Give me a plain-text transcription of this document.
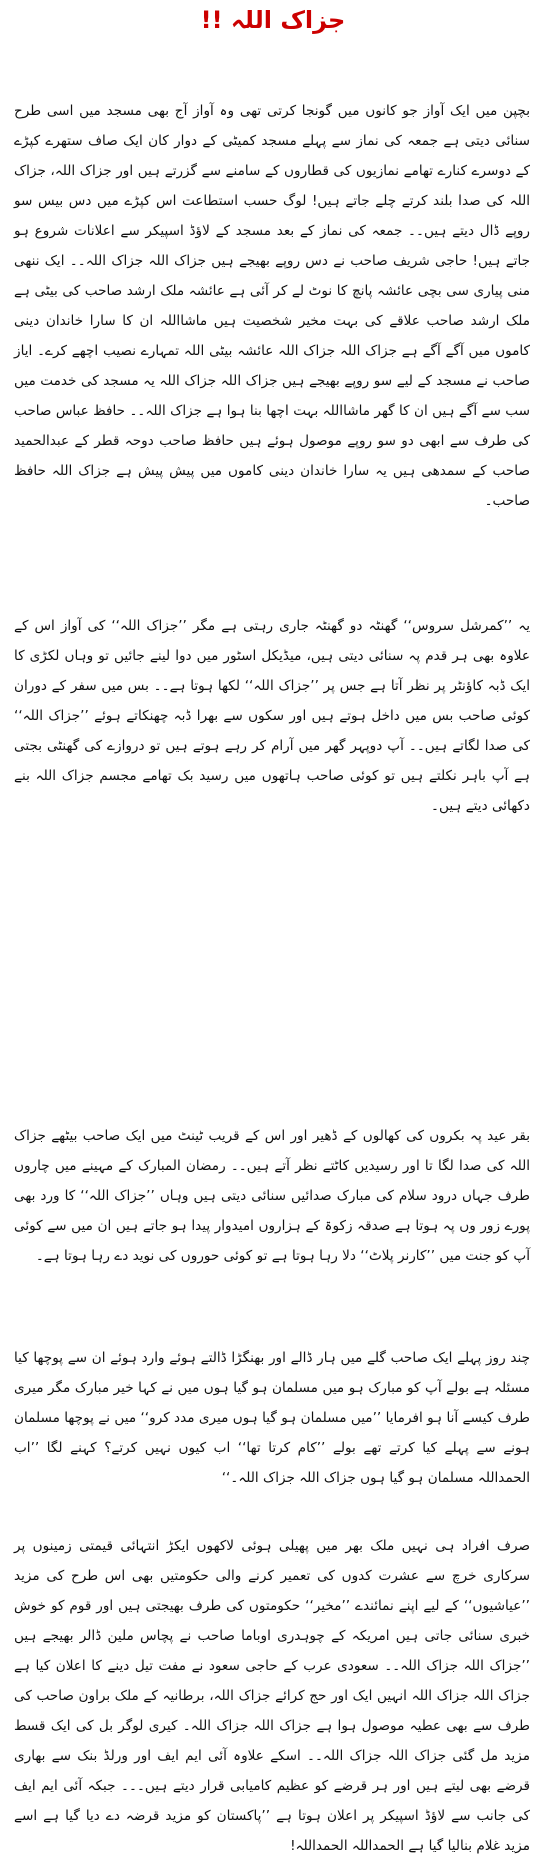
جزاک اللہ !!
بچپن میں ایک آواز جو کانوں میں گونجا کرتی تھی وہ آواز آج بھی مسجد میں اسی طرح سنائی دیتی ہے جمعہ کی نماز سے پہلے مسجد کمیٹی کے دوار کان ایک صاف ستھرے کپڑے کے دوسرے کنارے تھامے نمازیوں کی قطاروں کے سامنے سے گزرتے ہیں اور جزاک اللہ، جزاک اللہ کی صدا بلند کرتے چلے جاتے ہیں! لوگ حسب استطاعت اس کپڑے میں دس بیس سو روپے ڈال دیتے ہیں۔۔ جمعہ کی نماز کے بعد مسجد کے لاؤڈ اسپیکر سے اعلانات شروع ہو جاتے ہیں! حاجی شریف صاحب نے دس روپے بھیجے ہیں جزاک اللہ جزاک اللہ۔۔ ایک ننھی منی پیاری سی بچی عائشہ پانچ کا نوٹ لے کر آئی ہے عائشہ ملک ارشد صاحب کی بیٹی ہے ملک ارشد صاحب علاقے کی بہت مخیر شخصیت ہیں ماشااللہ ان کا سارا خاندان دینی کاموں میں آگے آگے ہے جزاک اللہ جزاک اللہ عائشہ بیٹی اللہ تمہارے نصیب اچھے کرے۔ ایاز صاحب نے مسجد کے لیے سو روپے بھیجے ہیں جزاک اللہ جزاک اللہ یہ مسجد کی خدمت میں سب سے آگے ہیں ان کا گھر ماشااللہ بہت اچھا بنا ہوا ہے جزاک اللہ۔۔ حافظ عباس صاحب کی طرف سے ابھی دو سو روپے موصول ہوئے ہیں حافظ صاحب دوحہ قطر کے عبدالحمید صاحب کے سمدھی ہیں یہ سارا خاندان دینی کاموں میں پیش پیش ہے جزاک اللہ حافظ صاحب۔
یہ ’’کمرشل سروس‘‘ گھنٹہ دو گھنٹہ جاری رہتی ہے مگر ’’جزاک اللہ‘‘ کی آواز اس کے علاوہ بھی ہر قدم پہ سنائی دیتی ہیں، میڈیکل اسٹور میں دوا لینے جائیں تو وہاں لکڑی کا ایک ڈبہ کاؤنٹر پر نظر آتا ہے جس پر ’’جزاک اللہ‘‘ لکھا ہوتا ہے۔۔ بس میں سفر کے دوران کوئی صاحب بس میں داخل ہوتے ہیں اور سکوں سے بھرا ڈبہ چھنکاتے ہوئے ’’جزاک اللہ‘‘ کی صدا لگاتے ہیں۔۔ آپ دوپہر گھر میں آرام کر رہے ہوتے ہیں تو دروازے کی گھنٹی بجتی ہے آپ باہر نکلتے ہیں تو کوئی صاحب ہاتھوں میں رسید بک تھامے مجسم جزاک اللہ بنے دکھائی دیتے ہیں۔
بقر عید پہ بکروں کی کھالوں کے ڈھیر اور اس کے قریب ٹینٹ میں ایک صاحب بیٹھے جزاک اللہ کی صدا لگا تا اور رسیدیں کاٹتے نظر آتے ہیں۔۔ رمضان المبارک کے مہینے میں چاروں طرف جہاں درود سلام کی مبارک صدائیں سنائی دیتی ہیں وہاں ’’جزاک اللہ‘‘ کا ورد بھی پورے زور وں پہ ہوتا ہے صدقہ زکوۃ کے ہزاروں امیدوار پیدا ہو جاتے ہیں ان میں سے کوئی آپ کو جنت میں ’’کارنر پلاٹ‘‘ دلا رہا ہوتا ہے تو کوئی حوروں کی نوید دے رہا ہوتا ہے۔
چند روز پہلے ایک صاحب گلے میں ہار ڈالے اور بھنگڑا ڈالتے ہوئے وارد ہوئے ان سے پوچھا کیا مسئلہ ہے بولے آپ کو مبارک ہو میں مسلمان ہو گیا ہوں میں نے کہا خیر مبارک مگر میری طرف کیسے آنا ہو افرمایا ’’میں مسلمان ہو گیا ہوں میری مدد کرو‘‘ میں نے پوچھا مسلمان ہونے سے پہلے کیا کرتے تھے بولے ’’کام کرتا تھا‘‘ اب کیوں نہیں کرتے؟ کہنے لگا ’’اب الحمداللہ مسلمان ہو گیا ہوں جزاک اللہ جزاک اللہ۔‘‘
صرف افراد ہی نہیں ملک بھر میں پھیلی ہوئی لاکھوں ایکڑ انتہائی قیمتی زمینوں پر سرکاری خرچ سے عشرت کدوں کی تعمیر کرنے والی حکومتیں بھی اس طرح کی مزید ’’عیاشیوں‘‘ کے لیے اپنے نمائندے ’’مخیر‘‘ حکومتوں کی طرف بھیجتی ہیں اور قوم کو خوش خبری سنائی جاتی ہیں امریکہ کے چوہدری اوباما صاحب نے پچاس ملین ڈالر بھیجے ہیں ’’جزاک اللہ جزاک اللہ۔۔ سعودی عرب کے حاجی سعود نے مفت تیل دینے کا اعلان کیا ہے جزاک اللہ جزاک اللہ انہیں ایک اور حج کرائے جزاک اللہ، برطانیہ کے ملک براون صاحب کی طرف سے بھی عطیہ موصول ہوا ہے جزاک اللہ جزاک اللہ۔ کیری لوگر بل کی ایک قسط مزید مل گئی جزاک اللہ جزاک اللہ۔۔ اسکے علاوہ آئی ایم ایف اور ورلڈ بنک سے بھاری قرضے بھی لیتے ہیں اور ہر قرضے کو عظیم کامیابی قرار دیتے ہیں۔۔۔ جبکہ آئی ایم ایف کی جانب سے لاؤڈ اسپیکر پر اعلان ہوتا ہے ’’پاکستان کو مزید قرضہ دے دیا گیا ہے اسے مزید غلام بنالیا گیا ہے الحمداللہ الحمداللہ!
